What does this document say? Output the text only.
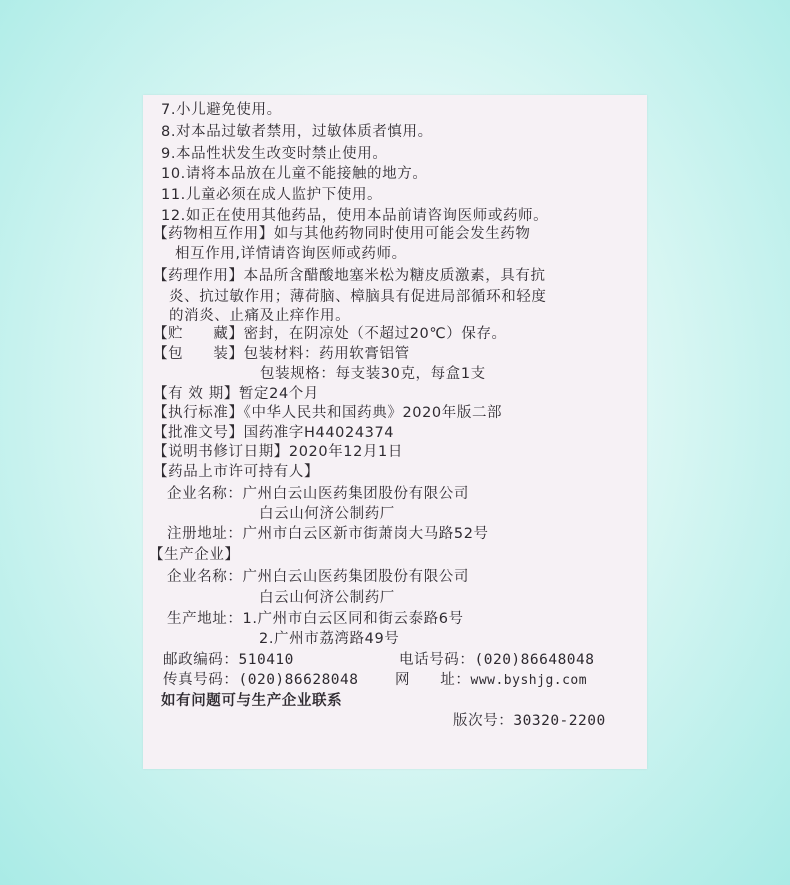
7.小儿避免使用。
8.对本品过敏者禁用，过敏体质者慎用。
9.本品性状发生改变时禁止使用。
10.请将本品放在儿童不能接触的地方。
11.儿童必须在成人监护下使用。
12.如正在使用其他药品，使用本品前请咨询医师或药师。
【药物相互作用】如与其他药物同时使用可能会发生药物
相互作用,详情请咨询医师或药师。
【药理作用】本品所含醋酸地塞米松为糖皮质激素，具有抗
炎、抗过敏作用；薄荷脑、樟脑具有促进局部循环和轻度
的消炎、止痛及止痒作用。
【贮　　藏】密封，在阴凉处（不超过20℃）保存。
【包　　装】包装材料：药用软膏铝管
包装规格：每支装30克，每盒1支
【有 效 期】暂定24个月
【执行标准】《中华人民共和国药典》2020年版二部
【批准文号】国药准字H44024374
【说明书修订日期】2020年12月1日
【药品上市许可持有人】
企业名称：广州白云山医药集团股份有限公司
白云山何济公制药厂
注册地址：广州市白云区新市街萧岗大马路52号
【生产企业】
企业名称：广州白云山医药集团股份有限公司
白云山何济公制药厂
生产地址：1.广州市白云区同和街云泰路6号
2.广州市荔湾路49号
邮政编码：510410	电话号码：(020)86648048
传真号码：(020)86628048	网　　址：www.byshjg.com
如有问题可与生产企业联系
版次号：30320-2200
